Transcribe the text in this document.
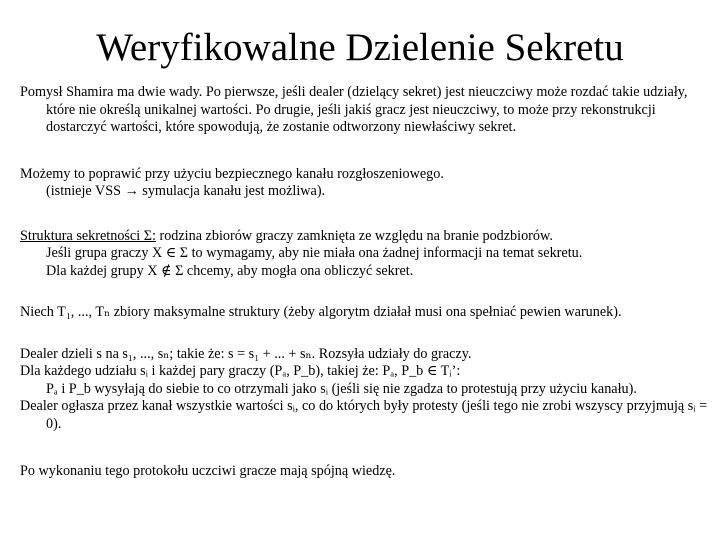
Weryfikowalne Dzielenie Sekretu

Pomysł Shamira ma dwie wady. Po pierwsze, jeśli dealer (dzielący sekret) jest nieuczciwy może rozdać takie udziały, które nie określą unikalnej wartości. Po drugie, jeśli jakiś gracz jest nieuczciwy, to może przy rekonstrukcji dostarczyć wartości, które spowodują, że zostanie odtworzony niewłaściwy sekret.

Możemy to poprawić przy użyciu bezpiecznego kanału rozgłoszeniowego.

(istnieje VSS → symulacja kanału jest możliwa).

Struktura sekretności Σ: rodzina zbiorów graczy zamknięta ze względu na branie podzbiorów.

Jeśli grupa graczy X ∈ Σ to wymagamy, aby nie miała ona żadnej informacji na temat sekretu.

Dla każdej grupy X ∉ Σ chcemy, aby mogła ona obliczyć sekret.

Niech T₁, ..., Tₙ zbiory maksymalne struktury (żeby algorytm działał musi ona spełniać pewien warunek).

Dealer dzieli s na s₁, ..., sₙ; takie że: s = s₁ + ... + sₙ. Rozsyła udziały do graczy.

Dla każdego udziału sᵢ i każdej pary graczy (Pₐ, P_b), takiej że: Pₐ, P_b ∈ Tᵢ’:

Pₐ i P_b wysyłają do siebie to co otrzymali jako sᵢ (jeśli się nie zgadza to protestują przy użyciu kanału).

Dealer ogłasza przez kanał wszystkie wartości sᵢ, co do których były protesty (jeśli tego nie zrobi wszyscy przyjmują sᵢ = 0).

Po wykonaniu tego protokołu uczciwi gracze mają spójną wiedzę.
